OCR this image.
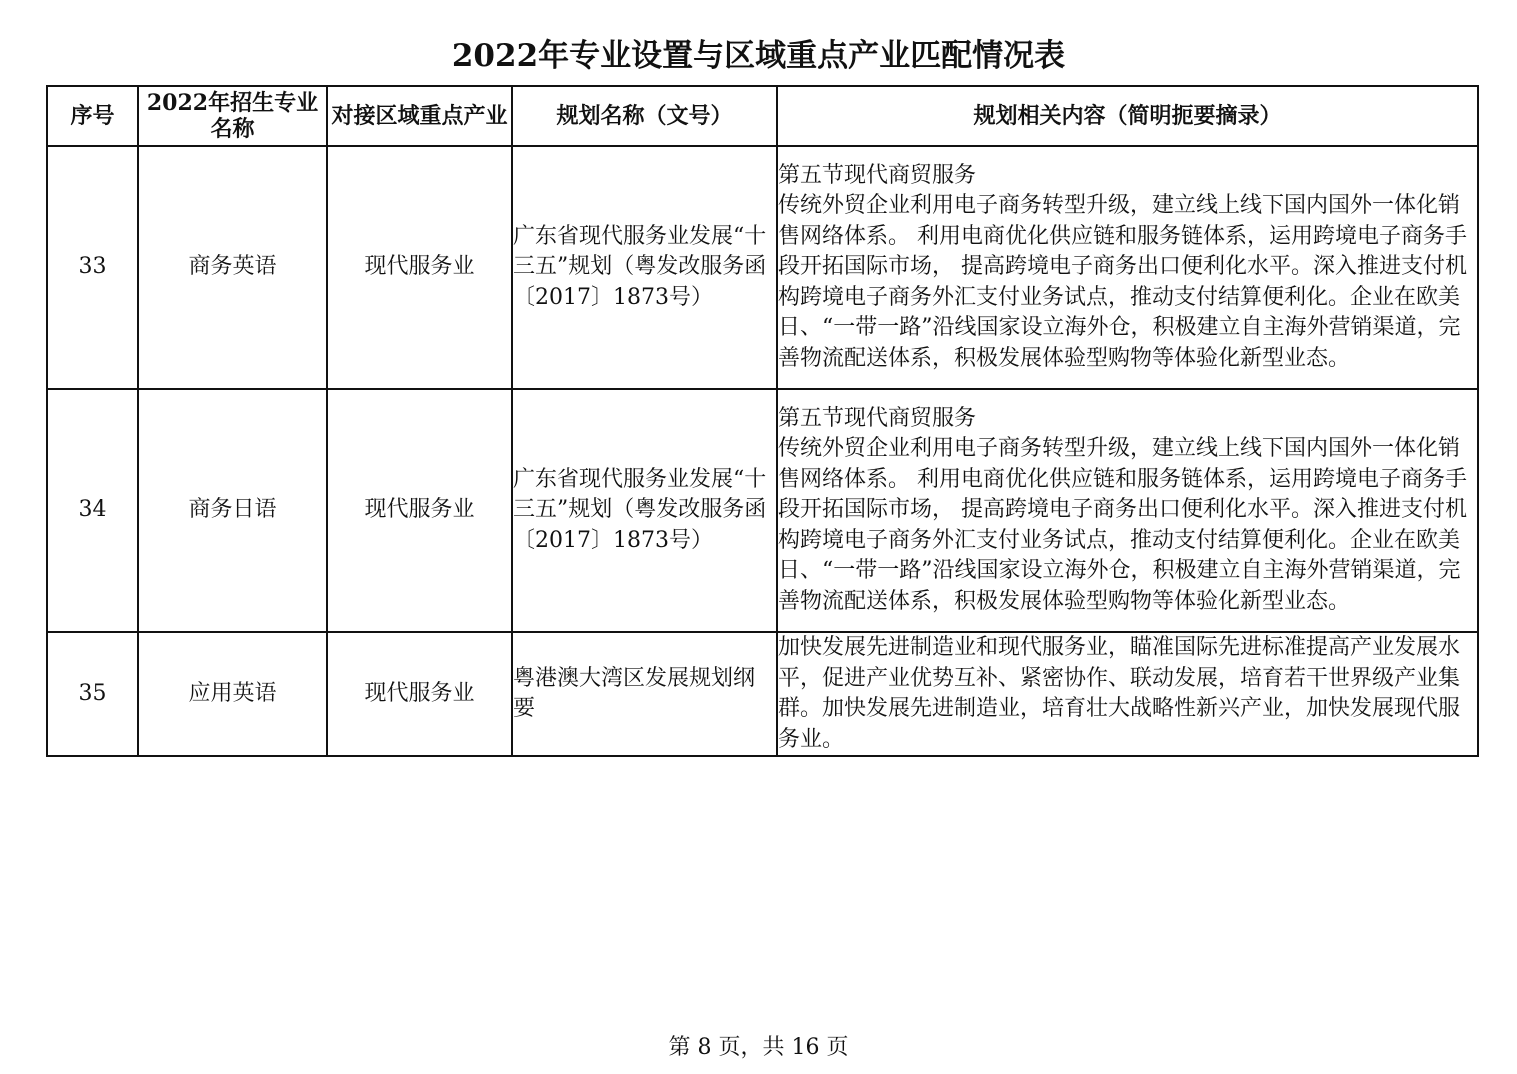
2022年专业设置与区域重点产业匹配情况表
序号	2022年招生专业名称	对接区域重点产业	规划名称（文号）	规划相关内容（简明扼要摘录）
33	商务英语	现代服务业	广东省现代服务业发展“十三五”规划（粤发改服务函〔2017〕1873号）	第五节现代商贸服务
传统外贸企业利用电子商务转型升级，建立线上线下国内国外一体化销售网络体系。 利用电商优化供应链和服务链体系，运用跨境电子商务手段开拓国际市场， 提高跨境电子商务出口便利化水平。深入推进支付机构跨境电子商务外汇支付业务试点，推动支付结算便利化。企业在欧美日、“一带一路”沿线国家设立海外仓，积极建立自主海外营销渠道，完善物流配送体系，积极发展体验型购物等体验化新型业态。

34	商务日语	现代服务业	广东省现代服务业发展“十三五”规划（粤发改服务函〔2017〕1873号）	第五节现代商贸服务
传统外贸企业利用电子商务转型升级，建立线上线下国内国外一体化销售网络体系。 利用电商优化供应链和服务链体系，运用跨境电子商务手段开拓国际市场， 提高跨境电子商务出口便利化水平。深入推进支付机构跨境电子商务外汇支付业务试点，推动支付结算便利化。企业在欧美日、“一带一路”沿线国家设立海外仓，积极建立自主海外营销渠道，完善物流配送体系，积极发展体验型购物等体验化新型业态。

35	应用英语	现代服务业	粤港澳大湾区发展规划纲要	加快发展先进制造业和现代服务业，瞄准国际先进标准提高产业发展水平，促进产业优势互补、紧密协作、联动发展，培育若干世界级产业集群。加快发展先进制造业，培育壮大战略性新兴产业，加快发展现代服务业。
第 8 页，共 16 页
